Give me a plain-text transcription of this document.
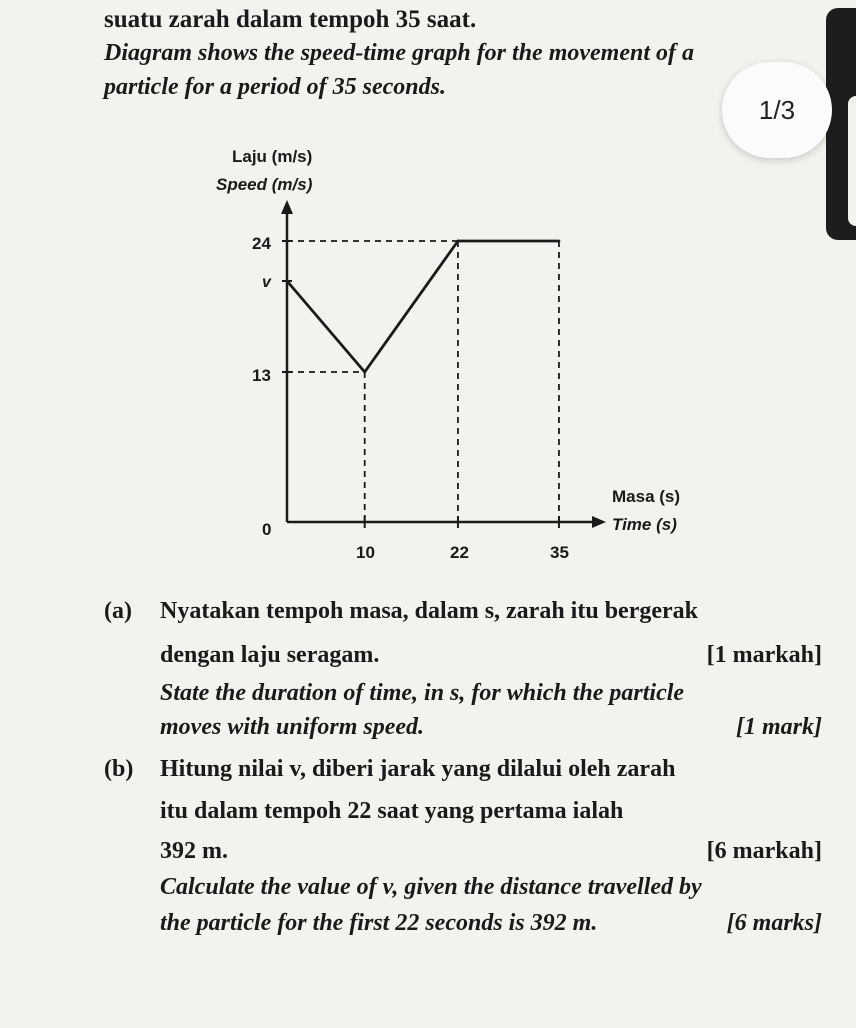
suatu zarah dalam tempoh 35 saat.
Diagram shows the speed-time graph for the movement of a
particle for a period of 35 seconds.
1/3
Laju (m/s)
Speed (m/s)
Masa (s)
Time (s)
0
24
v
13
10	22	35
(a) Nyatakan tempoh masa, dalam s, zarah itu bergerak
dengan laju seragam.	[1 markah]
State the duration of time, in s, for which the particle
moves with uniform speed.	[1 mark]
(b) Hitung nilai v, diberi jarak yang dilalui oleh zarah
itu dalam tempoh 22 saat yang pertama ialah
392 m.	[6 markah]
Calculate the value of v, given the distance travelled by
the particle for the first 22 seconds is 392 m.	[6 marks]
